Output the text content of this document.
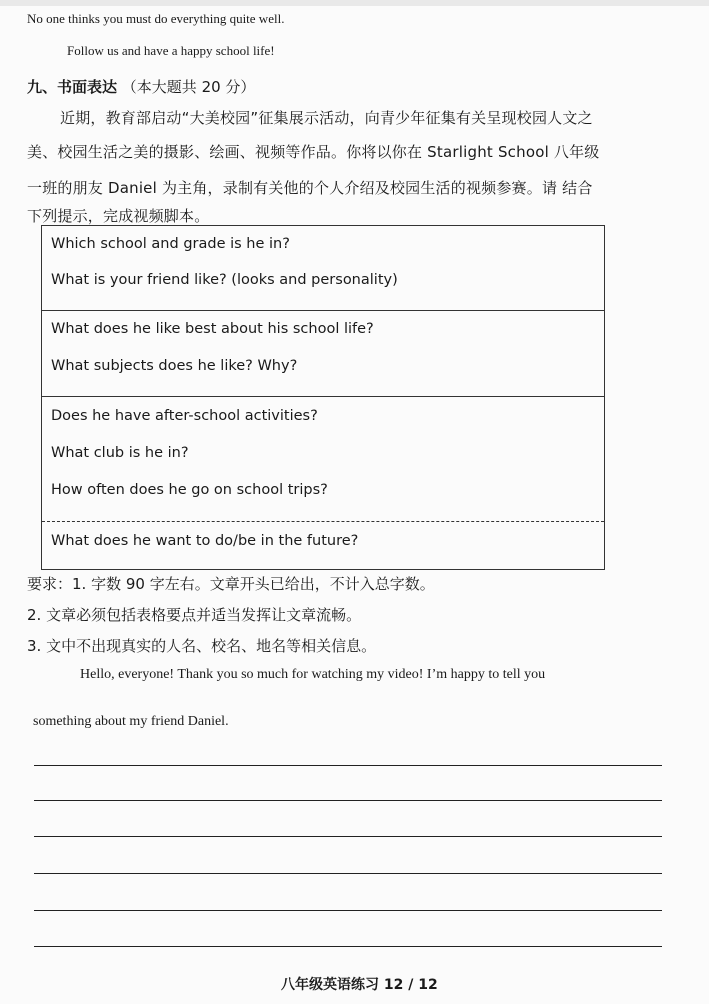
No one thinks you must do everything quite well.
Follow us and have a happy school life!
九、书面表达 （本大题共 20 分）
近期，教育部启动“大美校园”征集展示活动，向青少年征集有关呈现校园人文之
美、校园生活之美的摄影、绘画、视频等作品。你将以你在 Starlight School 八年级
一班的朋友 Daniel 为主角，录制有关他的个人介绍及校园生活的视频参赛。请 结合
下列提示，完成视频脚本。
Which school and grade is he in?
What is your friend like? (looks and personality)
What does he like best about his school life?
What subjects does he like? Why?
Does he have after-school activities?
What club is he in?
How often does he go on school trips?
What does he want to do/be in the future?
要求：1. 字数 90 字左右。文章开头已给出，不计入总字数。
2. 文章必须包括表格要点并适当发挥让文章流畅。
3. 文中不出现真实的人名、校名、地名等相关信息。
Hello, everyone! Thank you so much for watching my video! I’m happy to tell you
something about my friend Daniel.
八年级英语练习 12 / 12
